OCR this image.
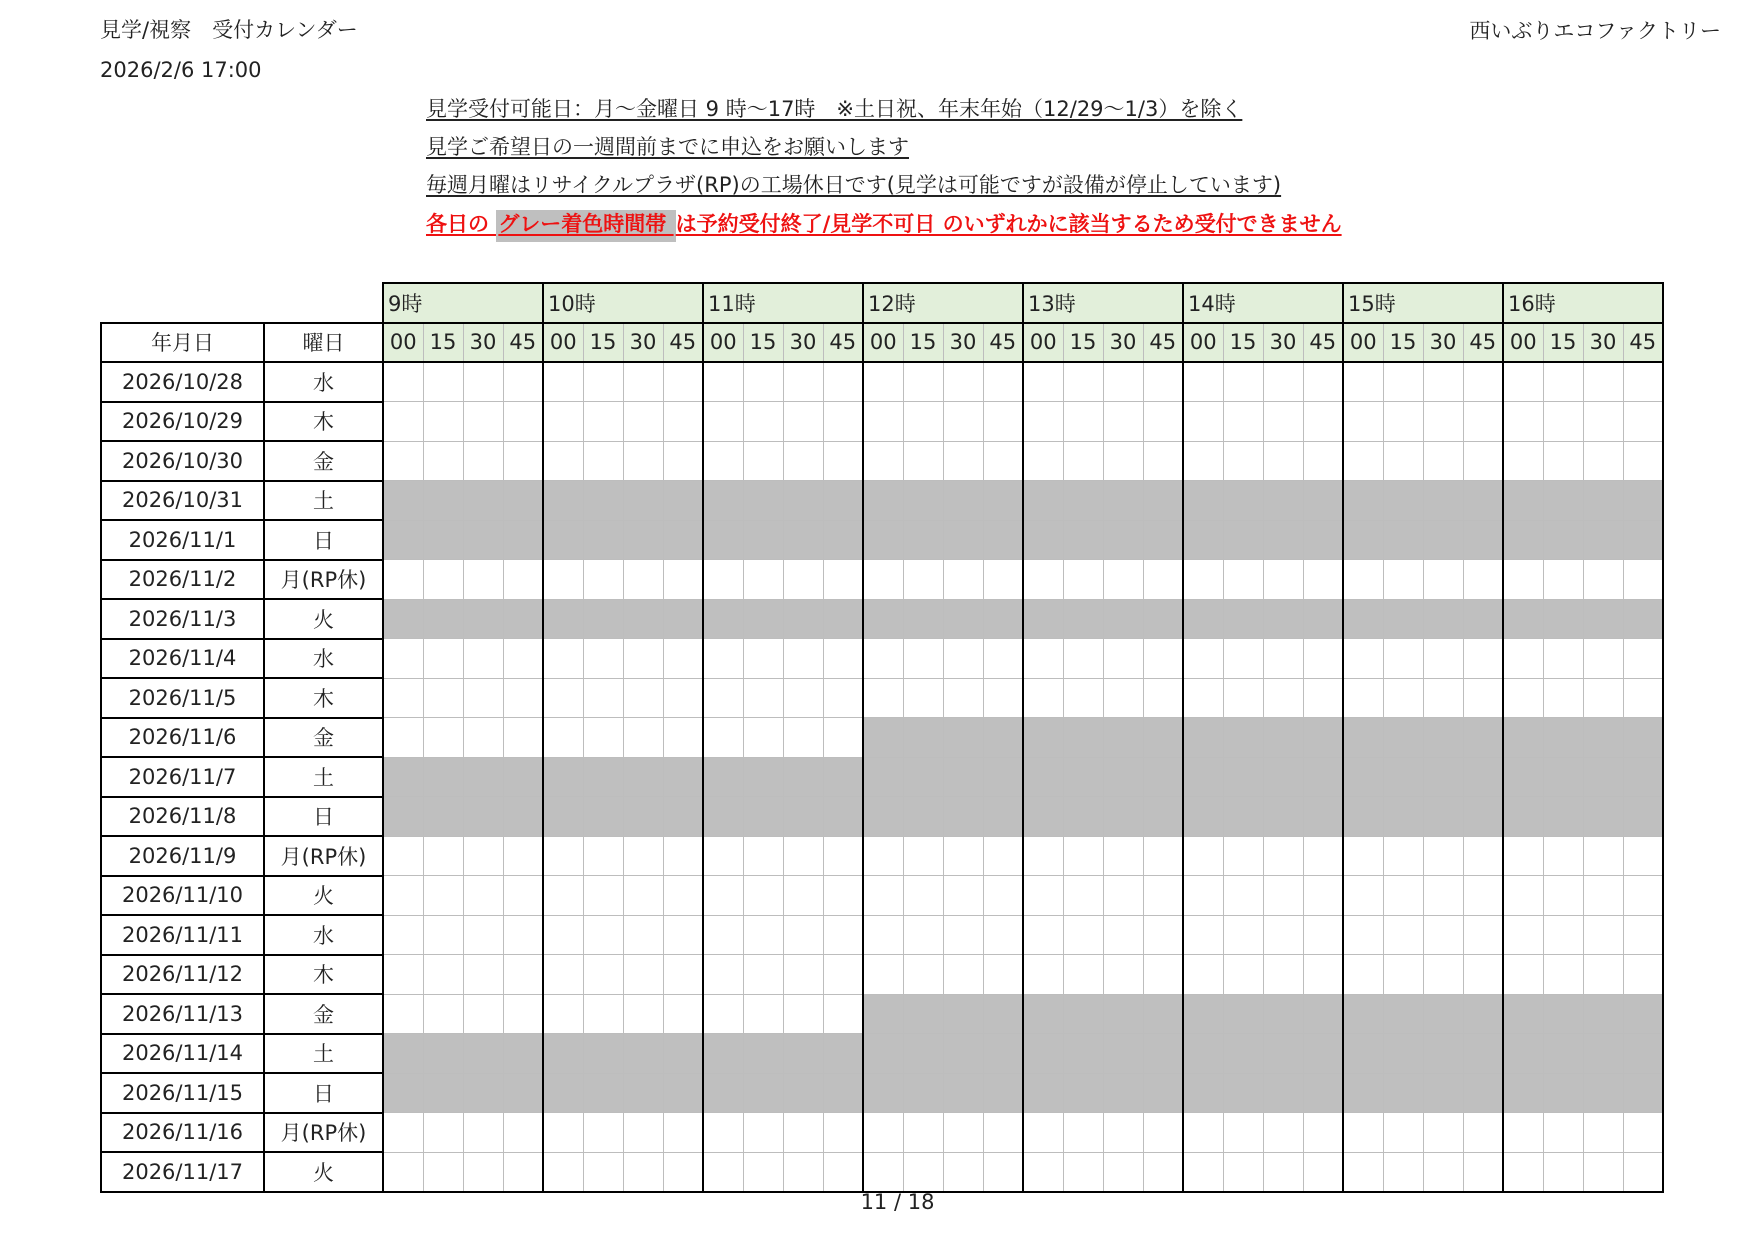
見学/視察　受付カレンダー
2026/2/6 17:00
西いぶりエコファクトリー
見学受付可能日：月～金曜日 9 時～17時　※土日祝、年末年始（12/29～1/3）を除く
見学ご希望日の一週間前までに申込をお願いします
毎週月曜はリサイクルプラザ(RP)の工場休日です(見学は可能ですが設備が停止しています)
各日の グレー着色時間帯 は予約受付終了/見学不可日 のいずれかに該当するため受付できません
		9時				10時				11時				12時				13時				14時				15時				16時			
年月日	曜日	00	15	30	45	00	15	30	45	00	15	30	45	00	15	30	45	00	15	30	45	00	15	30	45	00	15	30	45	00	15	30	45
2026/10/28	水																																
2026/10/29	木																																
2026/10/30	金																																
2026/10/31	土																																
2026/11/1	日																																
2026/11/2	月(RP休)																																
2026/11/3	火																																
2026/11/4	水																																
2026/11/5	木																																
2026/11/6	金																																
2026/11/7	土																																
2026/11/8	日																																
2026/11/9	月(RP休)																																
2026/11/10	火																																
2026/11/11	水																																
2026/11/12	木																																
2026/11/13	金																																
2026/11/14	土																																
2026/11/15	日																																
2026/11/16	月(RP休)																																
2026/11/17	火																																
11 / 18
